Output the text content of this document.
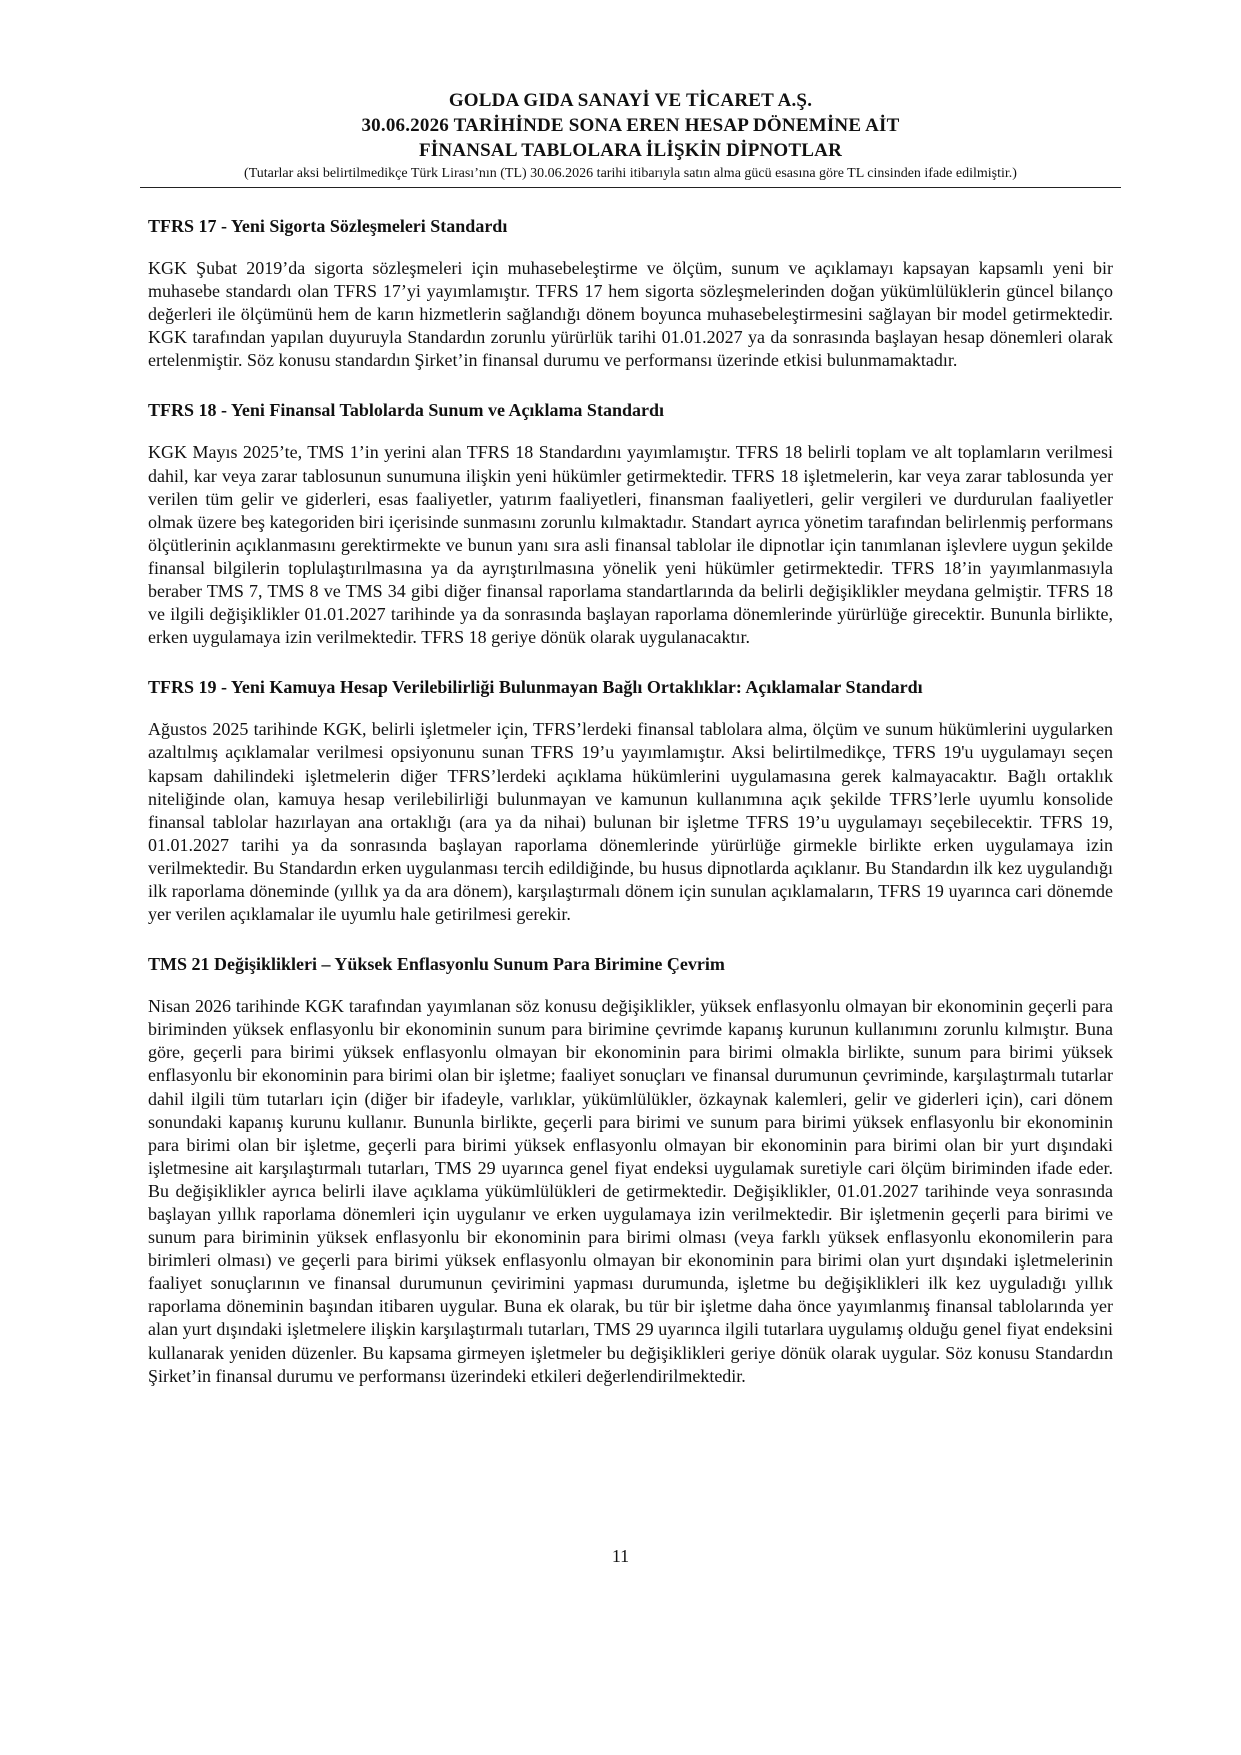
GOLDA GIDA SANAYİ VE TİCARET A.Ş.
30.06.2026 TARİHİNDE SONA EREN HESAP DÖNEMİNE AİT
FİNANSAL TABLOLARA İLİŞKİN DİPNOTLAR
(Tutarlar aksi belirtilmedikçe Türk Lirası’nın (TL) 30.06.2026 tarihi itibarıyla satın alma gücü esasına göre TL cinsinden ifade edilmiştir.)
TFRS 17 - Yeni Sigorta Sözleşmeleri Standardı

KGK Şubat 2019’da sigorta sözleşmeleri için muhasebeleştirme ve ölçüm, sunum ve açıklamayı kapsayan kapsamlı yeni bir muhasebe standardı olan TFRS 17’yi yayımlamıştır. TFRS 17 hem sigorta sözleşmelerinden doğan yükümlülüklerin güncel bilanço değerleri ile ölçümünü hem de karın hizmetlerin sağlandığı dönem boyunca muhasebeleştirmesini sağlayan bir model getirmektedir. KGK tarafından yapılan duyuruyla Standardın zorunlu yürürlük tarihi 01.01.2027 ya da sonrasında başlayan hesap dönemleri olarak ertelenmiştir. Söz konusu standardın Şirket’in finansal durumu ve performansı üzerinde etkisi bulunmamaktadır.

TFRS 18 - Yeni Finansal Tablolarda Sunum ve Açıklama Standardı

KGK Mayıs 2025’te, TMS 1’in yerini alan TFRS 18 Standardını yayımlamıştır. TFRS 18 belirli toplam ve alt toplamların verilmesi dahil, kar veya zarar tablosunun sunumuna ilişkin yeni hükümler getirmektedir. TFRS 18 işletmelerin, kar veya zarar tablosunda yer verilen tüm gelir ve giderleri, esas faaliyetler, yatırım faaliyetleri, finansman faaliyetleri, gelir vergileri ve durdurulan faaliyetler olmak üzere beş kategoriden biri içerisinde sunmasını zorunlu kılmaktadır. Standart ayrıca yönetim tarafından belirlenmiş performans ölçütlerinin açıklanmasını gerektirmekte ve bunun yanı sıra asli finansal tablolar ile dipnotlar için tanımlanan işlevlere uygun şekilde finansal bilgilerin toplulaştırılmasına ya da ayrıştırılmasına yönelik yeni hükümler getirmektedir. TFRS 18’in yayımlanmasıyla beraber TMS 7, TMS 8 ve TMS 34 gibi diğer finansal raporlama standartlarında da belirli değişiklikler meydana gelmiştir. TFRS 18 ve ilgili değişiklikler 01.01.2027 tarihinde ya da sonrasında başlayan raporlama dönemlerinde yürürlüğe girecektir. Bununla birlikte, erken uygulamaya izin verilmektedir. TFRS 18 geriye dönük olarak uygulanacaktır.

TFRS 19 - Yeni Kamuya Hesap Verilebilirliği Bulunmayan Bağlı Ortaklıklar: Açıklamalar Standardı

Ağustos 2025 tarihinde KGK, belirli işletmeler için, TFRS’lerdeki finansal tablolara alma, ölçüm ve sunum hükümlerini uygularken azaltılmış açıklamalar verilmesi opsiyonunu sunan TFRS 19’u yayımlamıştır. Aksi belirtilmedikçe, TFRS 19'u uygulamayı seçen kapsam dahilindeki işletmelerin diğer TFRS’lerdeki açıklama hükümlerini uygulamasına gerek kalmayacaktır. Bağlı ortaklık niteliğinde olan, kamuya hesap verilebilirliği bulunmayan ve kamunun kullanımına açık şekilde TFRS’lerle uyumlu konsolide finansal tablolar hazırlayan ana ortaklığı (ara ya da nihai) bulunan bir işletme TFRS 19’u uygulamayı seçebilecektir. TFRS 19, 01.01.2027 tarihi ya da sonrasında başlayan raporlama dönemlerinde yürürlüğe girmekle birlikte erken uygulamaya izin verilmektedir. Bu Standardın erken uygulanması tercih edildiğinde, bu husus dipnotlarda açıklanır. Bu Standardın ilk kez uygulandığı ilk raporlama döneminde (yıllık ya da ara dönem), karşılaştırmalı dönem için sunulan açıklamaların, TFRS 19 uyarınca cari dönemde yer verilen açıklamalar ile uyumlu hale getirilmesi gerekir.

TMS 21 Değişiklikleri – Yüksek Enflasyonlu Sunum Para Birimine Çevrim

Nisan 2026 tarihinde KGK tarafından yayımlanan söz konusu değişiklikler, yüksek enflasyonlu olmayan bir ekonominin geçerli para biriminden yüksek enflasyonlu bir ekonominin sunum para birimine çevrimde kapanış kurunun kullanımını zorunlu kılmıştır. Buna göre, geçerli para birimi yüksek enflasyonlu olmayan bir ekonominin para birimi olmakla birlikte, sunum para birimi yüksek enflasyonlu bir ekonominin para birimi olan bir işletme; faaliyet sonuçları ve finansal durumunun çevriminde, karşılaştırmalı tutarlar dahil ilgili tüm tutarları için (diğer bir ifadeyle, varlıklar, yükümlülükler, özkaynak kalemleri, gelir ve giderleri için), cari dönem sonundaki kapanış kurunu kullanır. Bununla birlikte, geçerli para birimi ve sunum para birimi yüksek enflasyonlu bir ekonominin para birimi olan bir işletme, geçerli para birimi yüksek enflasyonlu olmayan bir ekonominin para birimi olan bir yurt dışındaki işletmesine ait karşılaştırmalı tutarları, TMS 29 uyarınca genel fiyat endeksi uygulamak suretiyle cari ölçüm biriminden ifade eder. Bu değişiklikler ayrıca belirli ilave açıklama yükümlülükleri de getirmektedir. Değişiklikler, 01.01.2027 tarihinde veya sonrasında başlayan yıllık raporlama dönemleri için uygulanır ve erken uygulamaya izin verilmektedir. Bir işletmenin geçerli para birimi ve sunum para biriminin yüksek enflasyonlu bir ekonominin para birimi olması (veya farklı yüksek enflasyonlu ekonomilerin para birimleri olması) ve geçerli para birimi yüksek enflasyonlu olmayan bir ekonominin para birimi olan yurt dışındaki işletmelerinin faaliyet sonuçlarının ve finansal durumunun çevirimini yapması durumunda, işletme bu değişiklikleri ilk kez uyguladığı yıllık raporlama döneminin başından itibaren uygular. Buna ek olarak, bu tür bir işletme daha önce yayımlanmış finansal tablolarında yer alan yurt dışındaki işletmelere ilişkin karşılaştırmalı tutarları, TMS 29 uyarınca ilgili tutarlara uygulamış olduğu genel fiyat endeksini kullanarak yeniden düzenler. Bu kapsama girmeyen işletmeler bu değişiklikleri geriye dönük olarak uygular. Söz konusu Standardın Şirket’in finansal durumu ve performansı üzerindeki etkileri değerlendirilmektedir.

11
